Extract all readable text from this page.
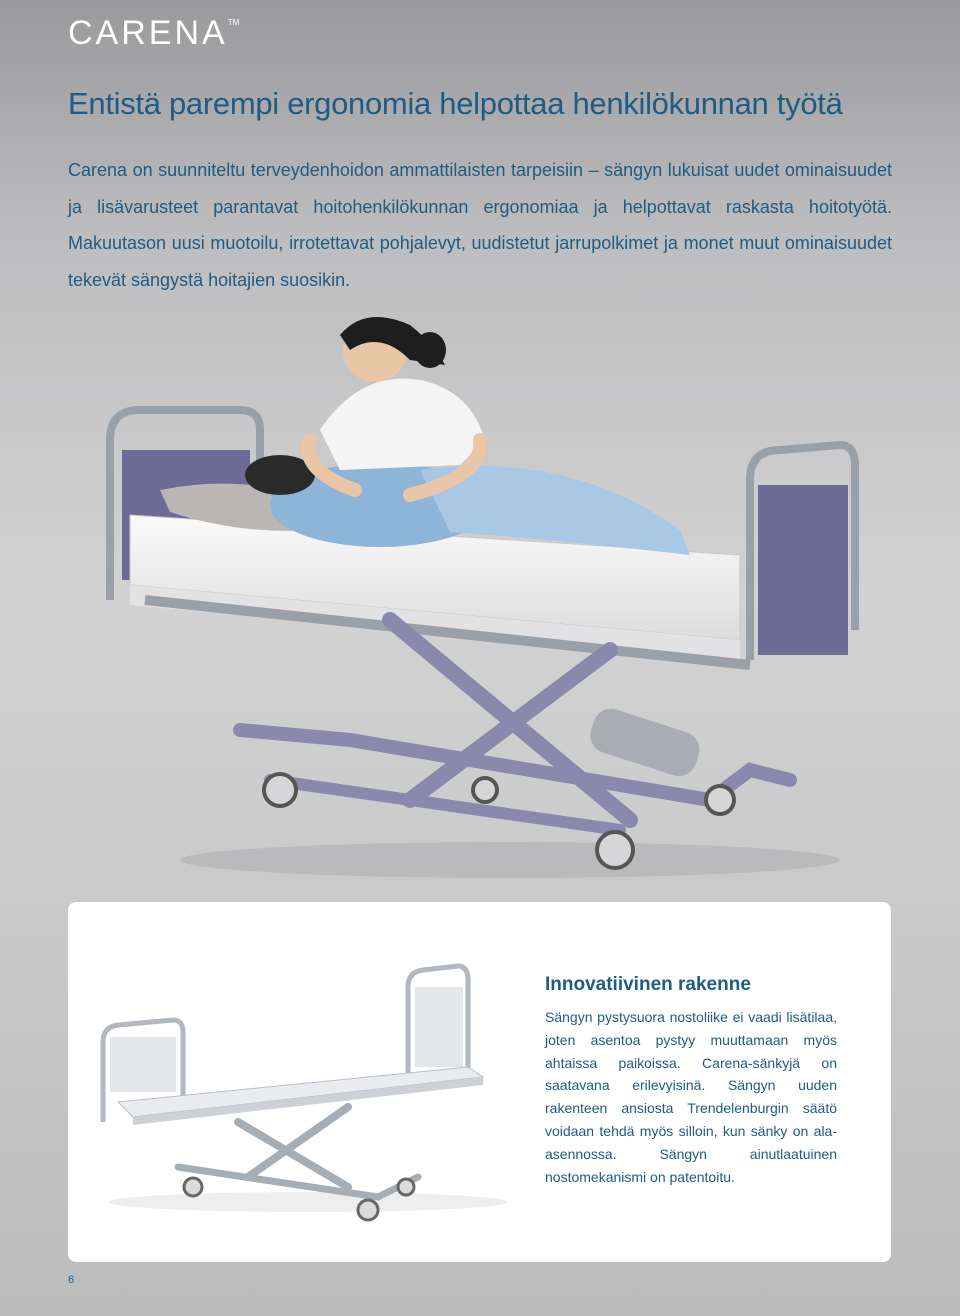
CARENA™
Entistä parempi ergonomia helpottaa henkilökunnan työtä

Carena on suunniteltu terveydenhoidon ammattilaisten tarpeisiin – sängyn lukuisat uudet ominaisuudet ja lisävarusteet parantavat hoitohenkilökunnan ergonomiaa ja helpottavat raskasta hoitotyötä. Makuutason uusi muotoilu, irrotettavat pohjalevyt, uudistetut jarrupolkimet ja monet muut ominaisuudet tekevät sängystä hoitajien suosikin.

Innovatiivinen rakenne

Sängyn pystysuora nostoliike ei vaadi lisätilaa, joten asentoa pystyy muuttamaan myös ahtaissa paikoissa. Carena-sänkyjä on saatavana erilevyisinä. Sängyn uuden rakenteen ansiosta Trendelenburgin säätö voidaan tehdä myös silloin, kun sänky on ala-asennossa. Sängyn ainutlaatuinen nostomekanismi on patentoitu.

6
